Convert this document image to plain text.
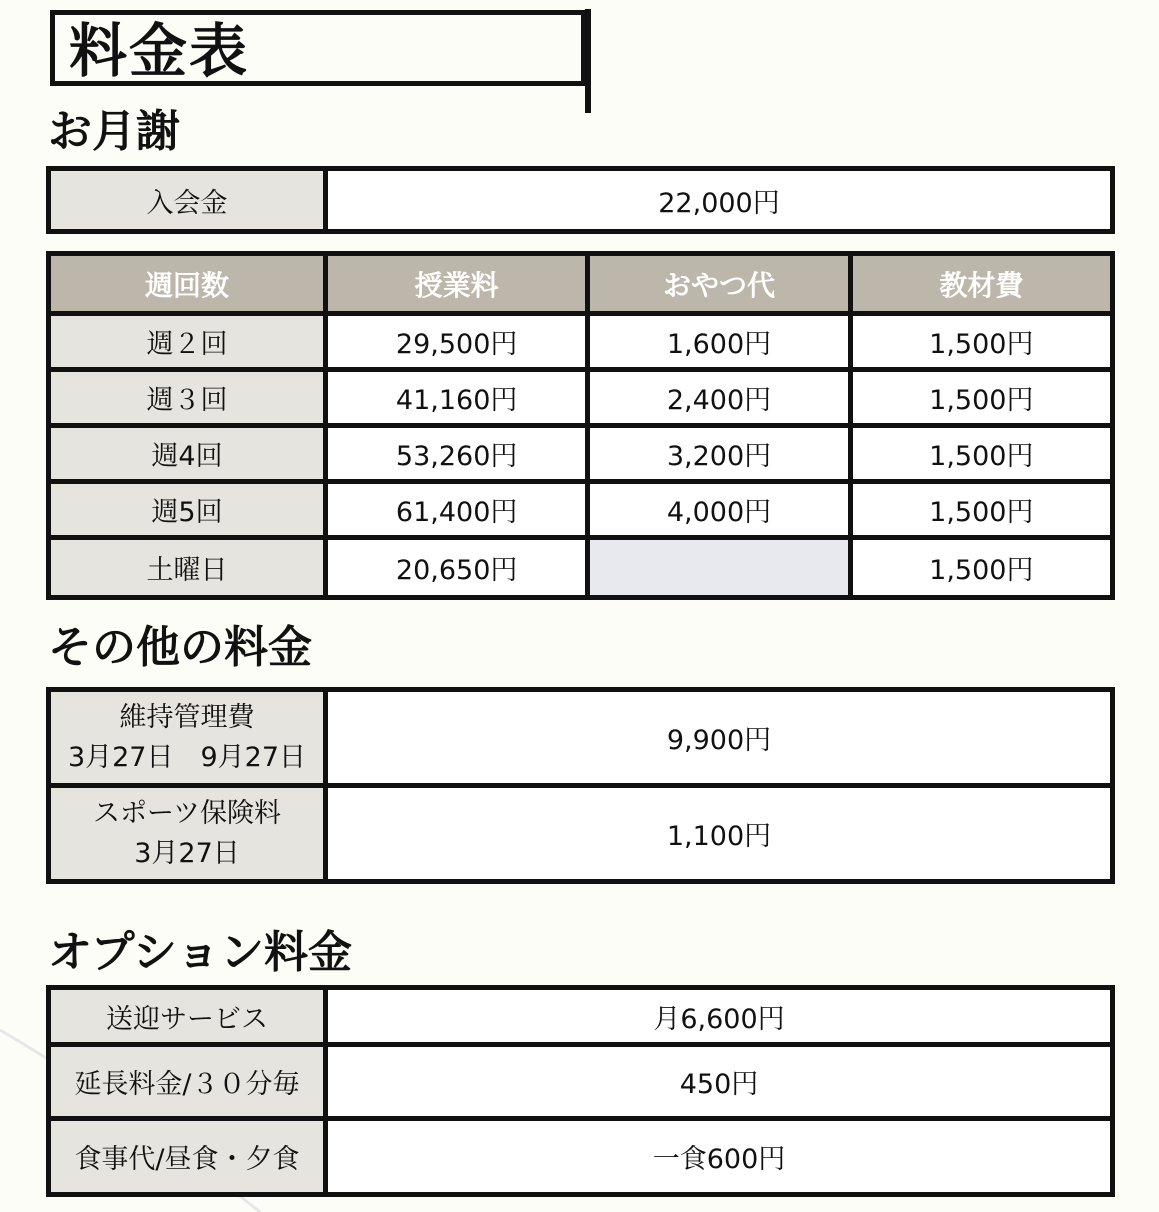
料金表
お月謝
入会金	22,000円
週回数	授業料	おやつ代	教材費
週２回	29,500円	1,600円	1,500円
週３回	41,160円	2,400円	1,500円
週4回	53,260円	3,200円	1,500円
週5回	61,400円	4,000円	1,500円
土曜日	20,650円		1,500円
その他の料金
維持管理費
3月27日　9月27日	9,900円

スポーツ保険料
3月27日	1,100円
オプション料金
送迎サービス	月6,600円
延長料金/３０分毎	450円
食事代/昼食・夕食	一食600円
